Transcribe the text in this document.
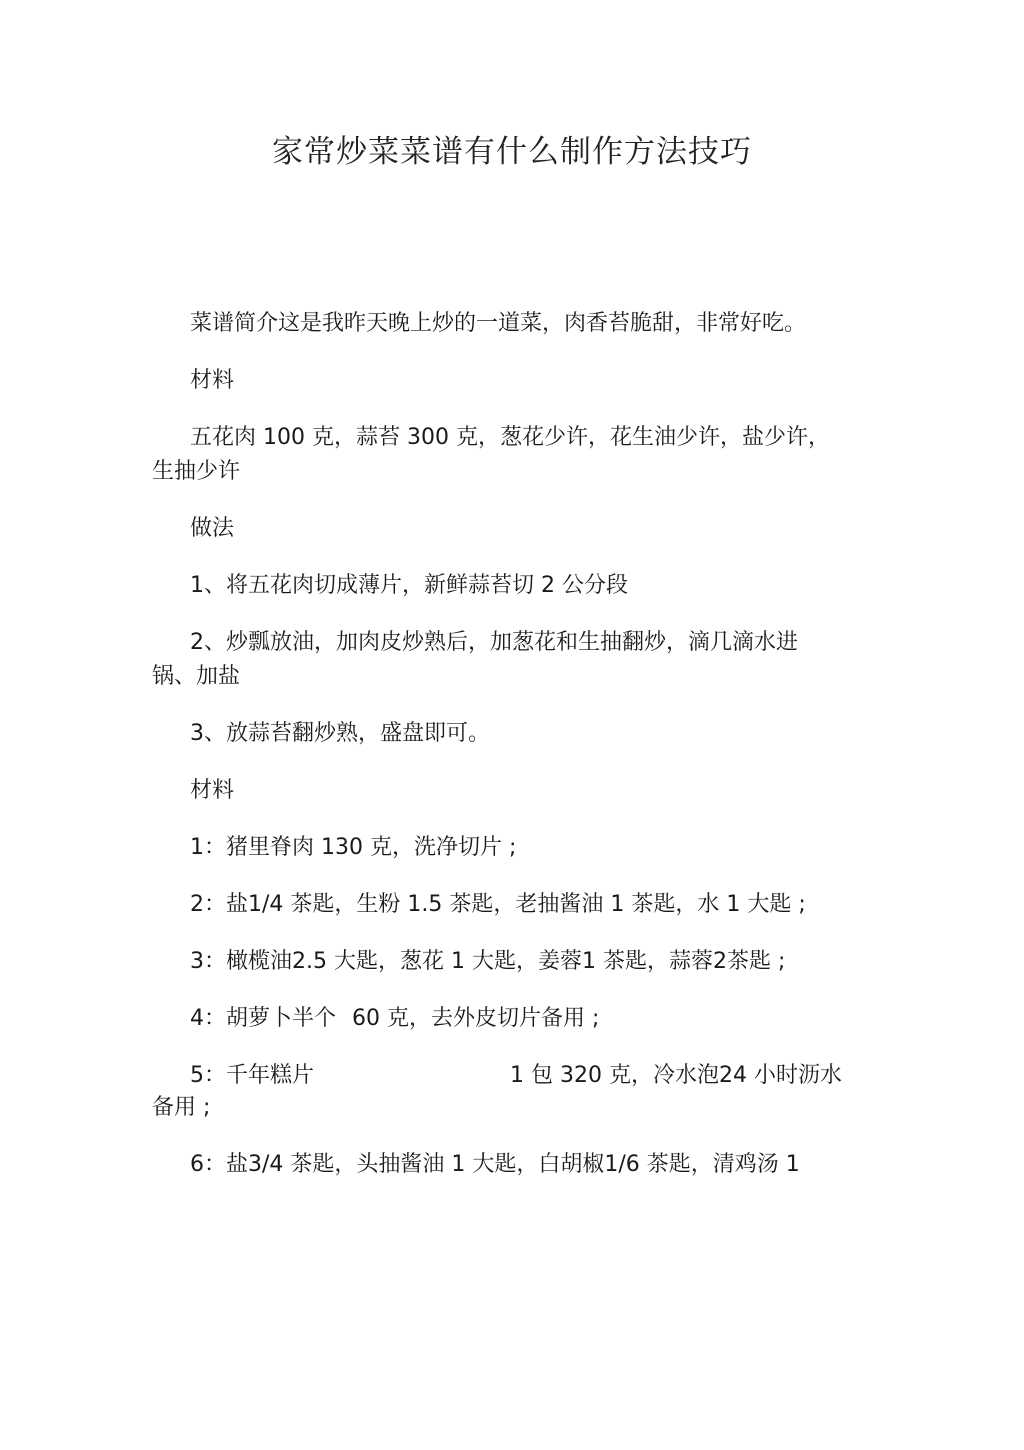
家常炒菜菜谱有什么制作方法技巧

菜谱简介这是我昨天晚上炒的一道菜，肉香苔脆甜，非常好吃。

材料

五花肉 100 克，蒜苔 300 克，葱花少许，花生油少许，盐少许，

生抽少许

做法

1、将五花肉切成薄片，新鲜蒜苔切 2 公分段

2、炒瓢放油，加肉皮炒熟后，加葱花和生抽翻炒，滴几滴水进

锅、加盐

3、放蒜苔翻炒熟，盛盘即可。

材料

1：猪里脊肉 130 克，洗净切片 ;

2：盐1/4 茶匙，生粉 1.5 茶匙，老抽酱油 1 茶匙，水 1 大匙 ;

3：橄榄油2.5 大匙，葱花 1 大匙，姜蓉1 茶匙，蒜蓉2茶匙 ;

4：胡萝卜半个 60 克，去外皮切片备用 ;

5：千年糕片	1 包 320 克，冷水泡24 小时沥水备用 ;

6：盐3/4 茶匙，头抽酱油 1 大匙，白胡椒1/6 茶匙，清鸡汤 1
